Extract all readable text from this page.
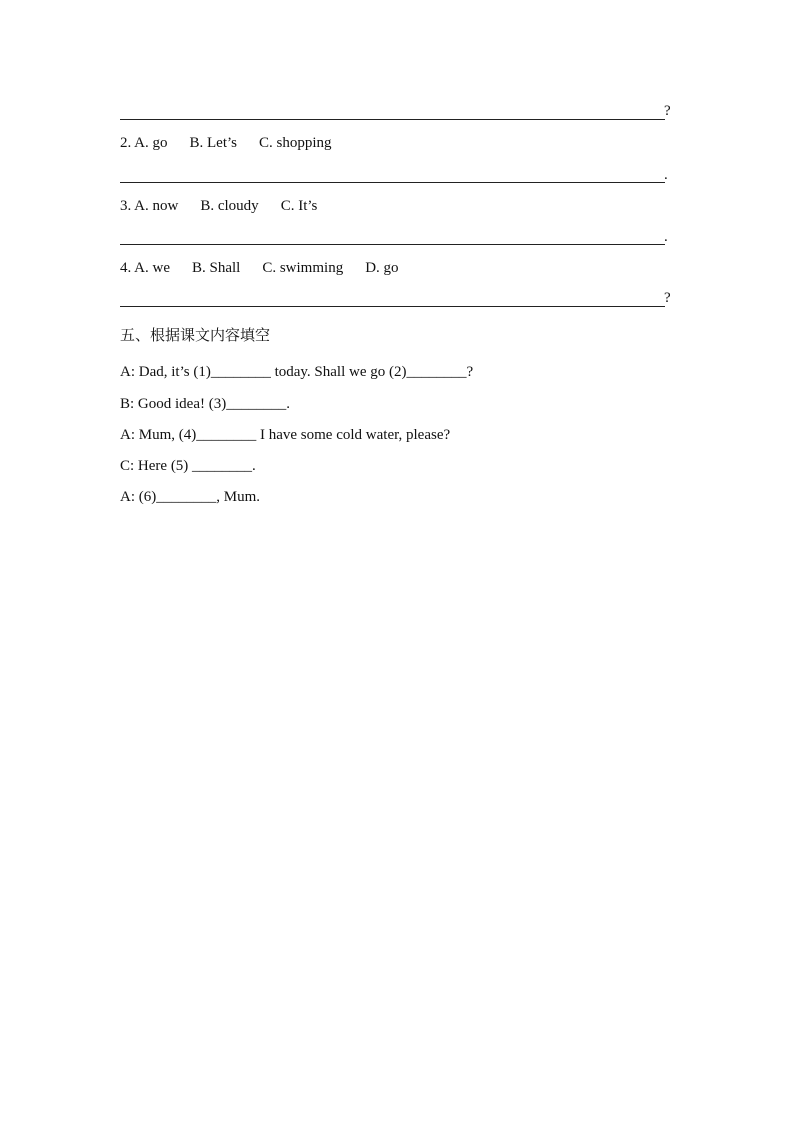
?
2. A. go B. Let’s C. shopping
.
3. A. now B. cloudy C. It’s
.
4. A. we B. Shall C. swimming D. go
?
五、根据课文内容填空
A: Dad, it’s (1)________ today. Shall we go (2)________?
B: Good idea! (3)________.
A: Mum, (4)________ I have some cold water, please?
C: Here (5) ________.
A: (6)________, Mum.
